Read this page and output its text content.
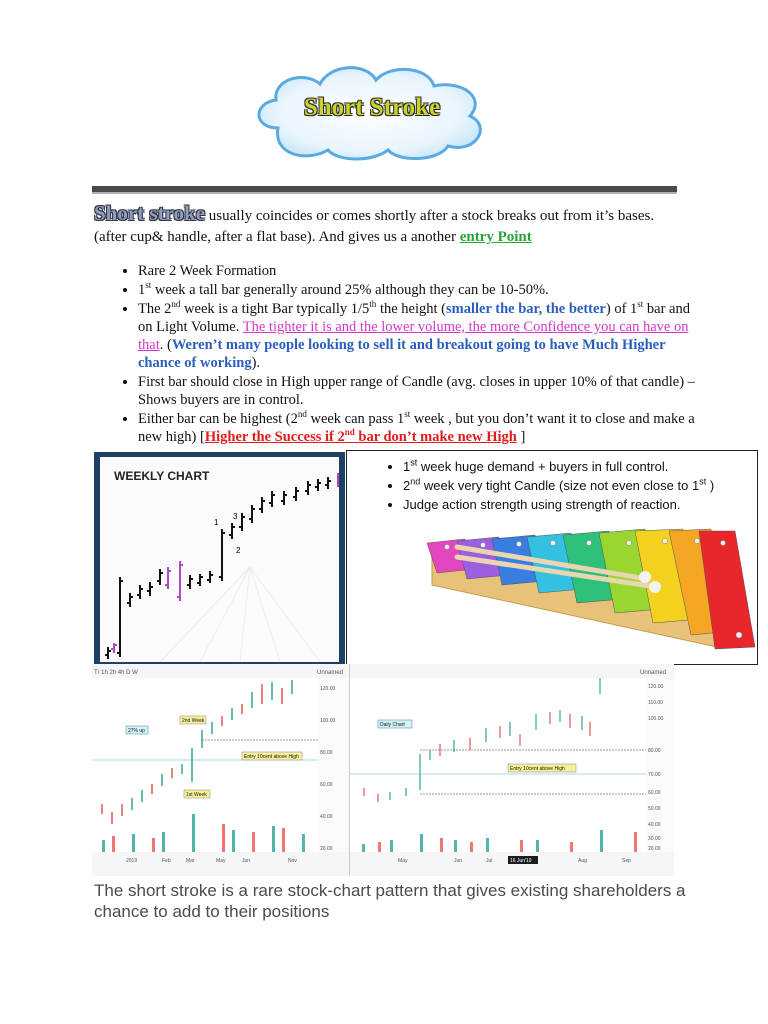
Short Stroke
Short stroke usually coincides or comes shortly after a stock breaks out from it’s bases. (after cup& handle, after a flat base). And gives us a another entry Point
• Rare 2 Week Formation
• 1st week a tall bar generally around 25% although they can be 10-50%.
• The 2nd week is a tight Bar typically 1/5th the height (smaller the bar, the better) of 1st bar and on Light Volume. The tighter it is and the lower volume, the more Confidence you can have on that. (Weren’t many people looking to sell it and breakout going to have Much Higher chance of working).
• First bar should close in High upper range of Candle (avg. closes in upper 10% of that candle) – Shows buyers are in control.
• Either bar can be highest (2nd week can pass 1st week , but you don’t want it to close and make a new high) [Higher the Success if 2nd bar don’t make new High ]
WEEKLY CHART
1
2
3
• 1st week huge demand + buyers in full control.
• 2nd week very tight Candle (size not even close to 1st )
• Judge action strength using strength of reaction.
Tr 1h 2h 4h D W	Unnamed
27% up
2nd Week
1st Week
Entry 10cent above High
120.00
100.00
80.00
60.00
40.00
20.00
2019	Feb	Mar	May	Jun	Nov
Unnamed
Daily Chart
Entry 10cent above High
120.00
110.00
100.00
80.00
70.00
60.00
50.00
40.00
30.00
20.00
May	Jun	Jul	16 Jun'19	Aug	Sep
The short stroke is a rare stock-chart pattern that gives existing shareholders a chance to add to their positions
